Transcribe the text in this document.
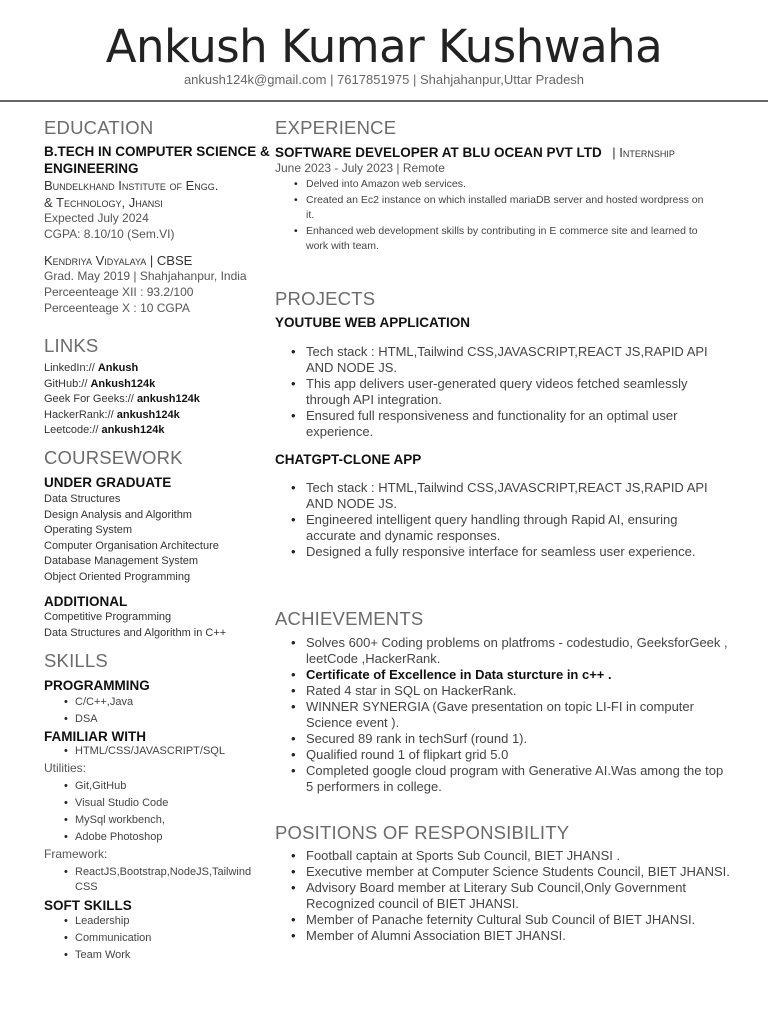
Ankush Kumar Kushwaha
ankush124k@gmail.com | 7617851975 | Shahjahanpur,Uttar Pradesh
EDUCATION
B.TECH IN COMPUTER SCIENCE & ENGINEERING
Bundelkhand Institute of Engg.
& Technology, Jhansi
Expected July 2024
CGPA: 8.10/10 (Sem.VI)
Kendriya Vidyalaya | CBSE
Grad. May 2019 | Shahjahanpur, India
Perceenteage XII : 93.2/100
Perceenteage X : 10 CGPA
LINKS
LinkedIn:// Ankush
GitHub:// Ankush124k
Geek For Geeks:// ankush124k
HackerRank:// ankush124k
Leetcode:// ankush124k
COURSEWORK
UNDER GRADUATE
Data Structures
Design Analysis and Algorithm
Operating System
Computer Organisation Architecture
Database Management System
Object Oriented Programming
ADDITIONAL
Competitive Programming
Data Structures and Algorithm in C++
SKILLS
PROGRAMMING
• C/C++,Java
• DSA
FAMILIAR WITH
• HTML/CSS/JAVASCRIPT/SQL
Utilities:
• Git,GitHub
• Visual Studio Code
• MySql workbench,
• Adobe Photoshop
Framework:
• ReactJS,Bootstrap,NodeJS,Tailwind CSS
SOFT SKILLS
• Leadership
• Communication
• Team Work
EXPERIENCE
SOFTWARE DEVELOPER AT BLU OCEAN PVT LTD | Internship
June 2023 - July 2023 | Remote
• Delved into Amazon web services.
• Created an Ec2 instance on which installed mariaDB server and hosted wordpress on it.
• Enhanced web development skills by contributing in E commerce site and learned to work with team.
PROJECTS
YOUTUBE WEB APPLICATION
• Tech stack : HTML,Tailwind CSS,JAVASCRIPT,REACT JS,RAPID API AND NODE JS.
• This app delivers user-generated query videos fetched seamlessly through API integration.
• Ensured full responsiveness and functionality for an optimal user experience.
CHATGPT-CLONE APP
• Tech stack : HTML,Tailwind CSS,JAVASCRIPT,REACT JS,RAPID API AND NODE JS.
• Engineered intelligent query handling through Rapid AI, ensuring accurate and dynamic responses.
• Designed a fully responsive interface for seamless user experience.
ACHIEVEMENTS
• Solves 600+ Coding problems on platfroms - codestudio, GeeksforGeek , leetCode ,HackerRank.
• Certificate of Excellence in Data sturcture in c++ .
• Rated 4 star in SQL on HackerRank.
• WINNER SYNERGIA (Gave presentation on topic LI-FI in computer Science event ).
• Secured 89 rank in techSurf (round 1).
• Qualified round 1 of flipkart grid 5.0
• Completed google cloud program with Generative AI.Was among the top 5 performers in college.
POSITIONS OF RESPONSIBILITY
• Football captain at Sports Sub Council, BIET JHANSI .
• Executive member at Computer Science Students Council, BIET JHANSI.
• Advisory Board member at Literary Sub Council,Only Government Recognized council of BIET JHANSI.
• Member of Panache feternity Cultural Sub Council of BIET JHANSI.
• Member of Alumni Association BIET JHANSI.
